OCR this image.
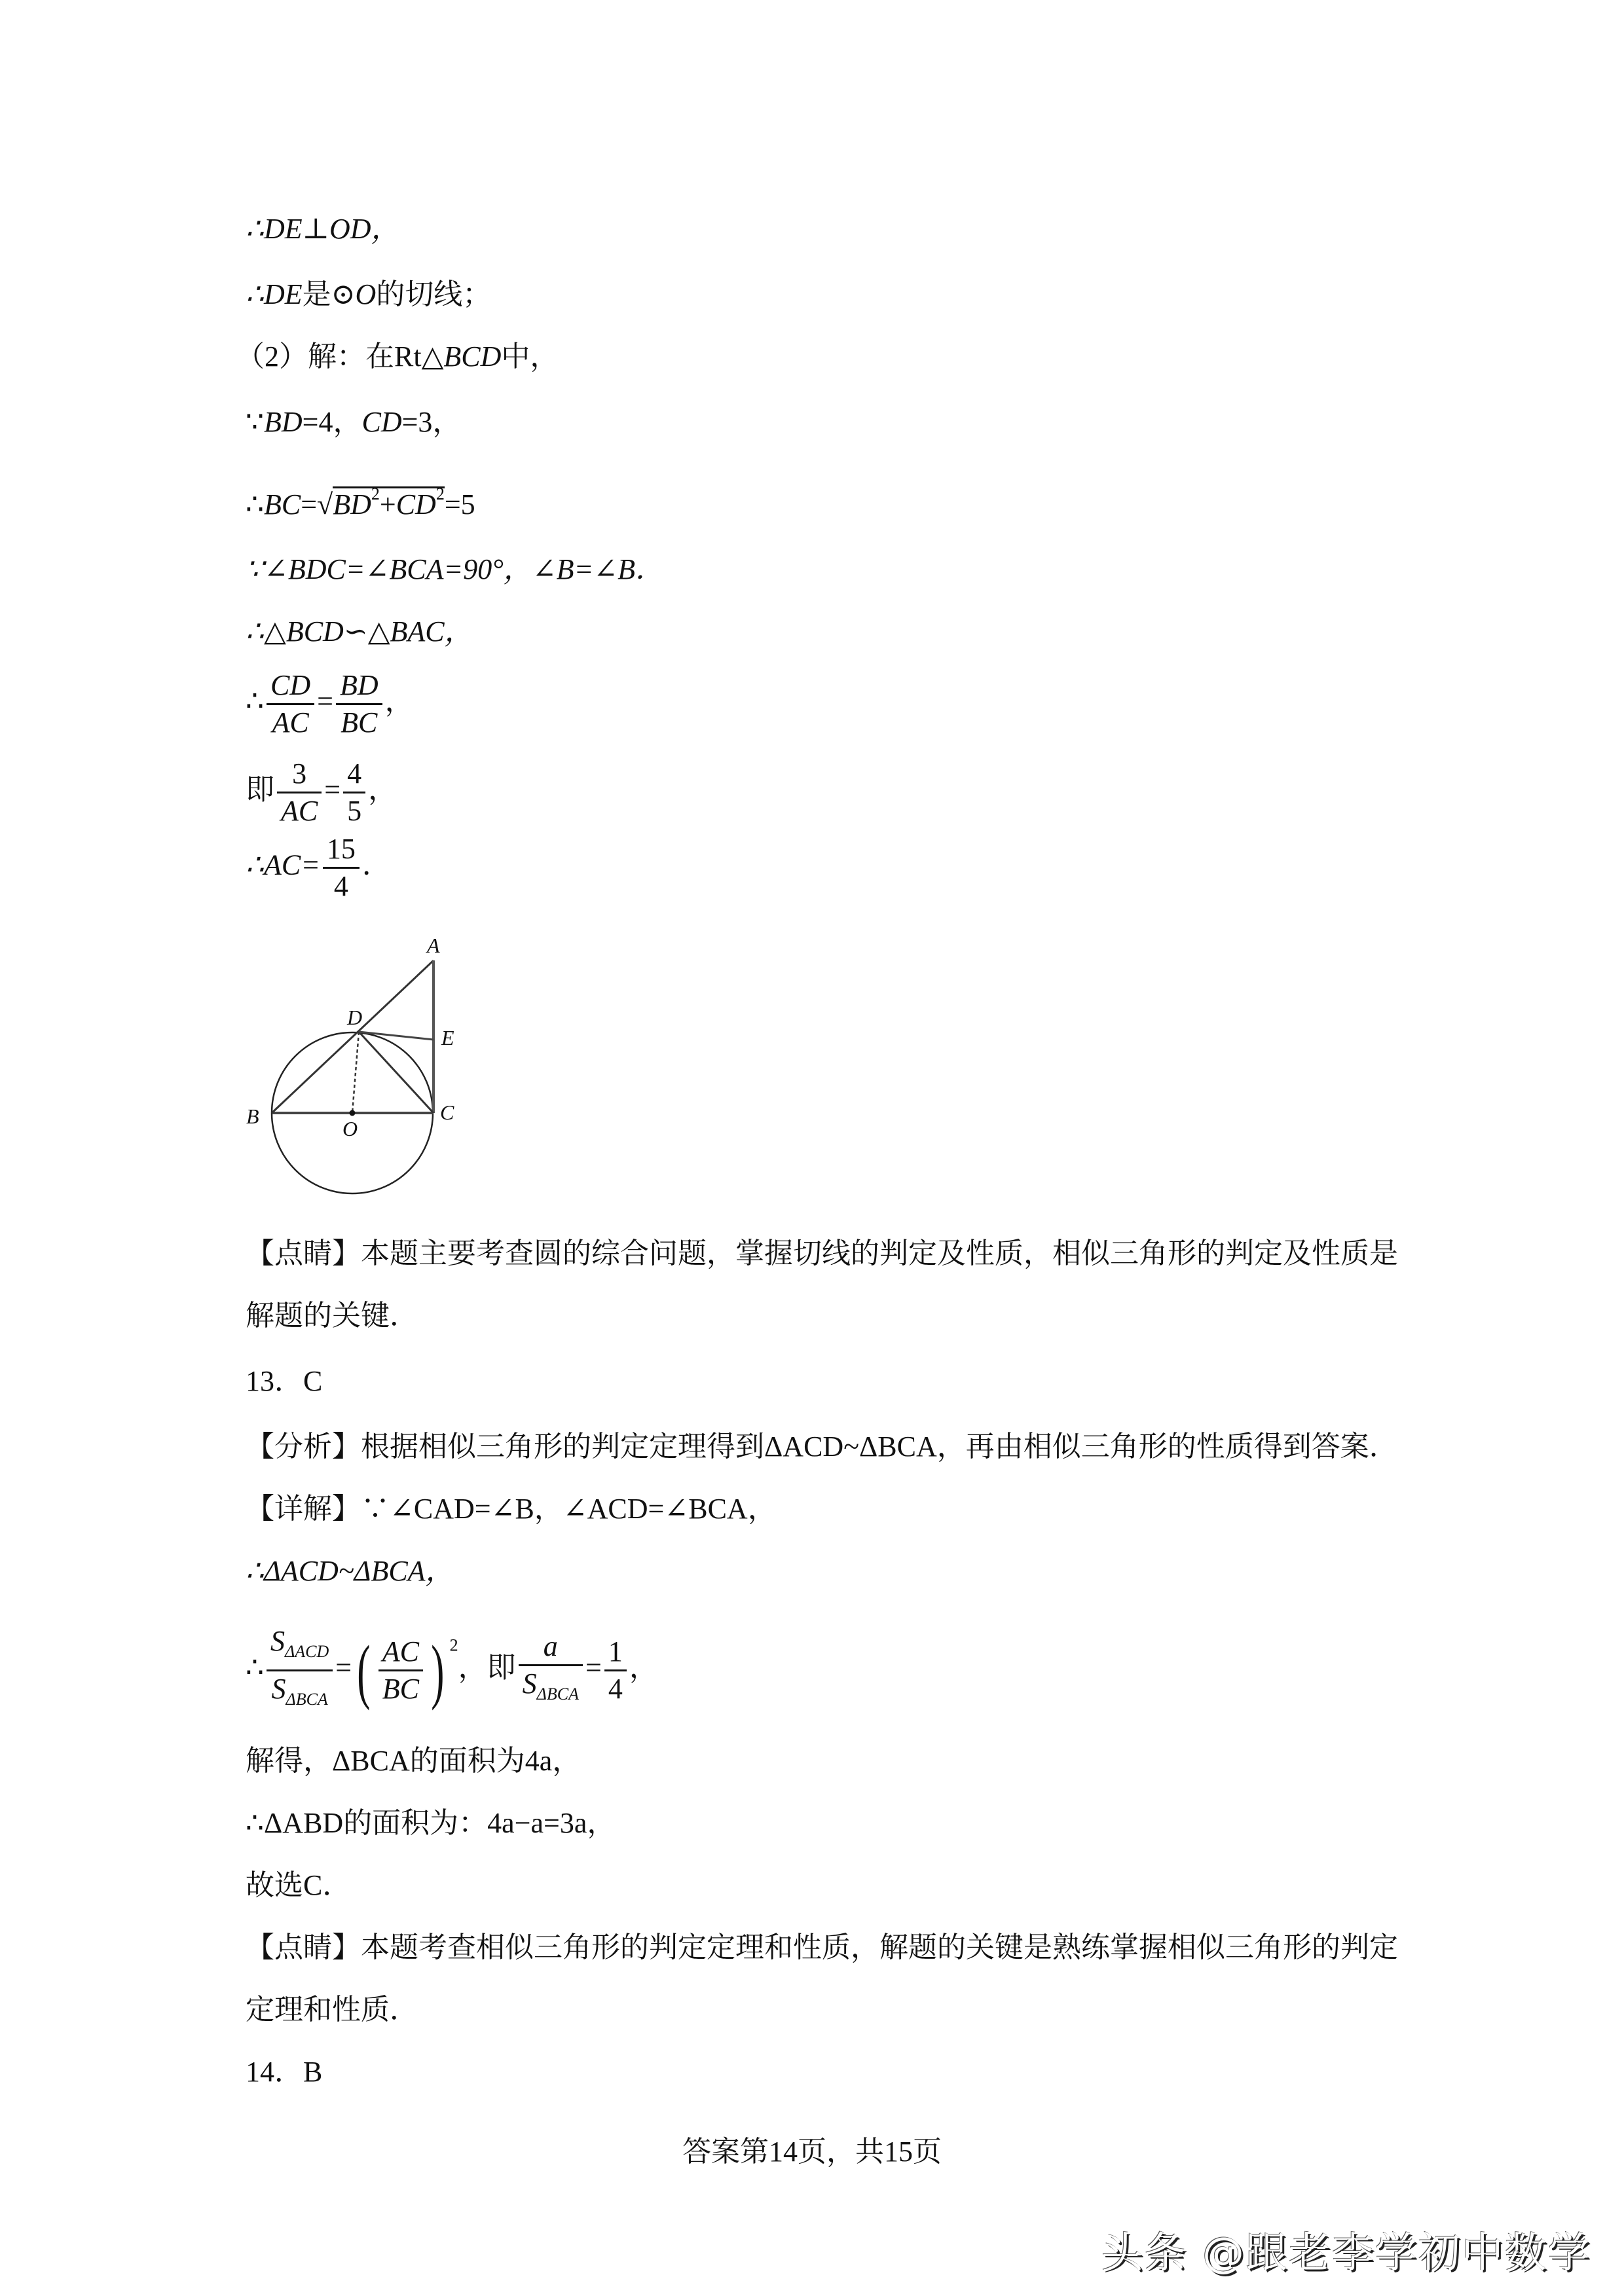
∴DE⊥OD，
∴DE是⊙O的切线；
（2）解：在Rt△BCD中，
∵BD=4，CD=3，
$\therefore BC=√BD^2+CD^2=5$
∵∠BDC=∠BCA=90°，∠B=∠B．
∴△BCD∽△BAC，
∴ $\frac{CD}{AC} = \frac{BD}{BC}$ ，
即 $\frac{3}{AC} = \frac{4}{5}$ ，
∴AC= $\frac{15}{4}$ ．
A
D
E
B
O
C
【点睛】本题主要考查圆的综合问题，掌握切线的判定及性质，相似三角形的判定及性质是
解题的关键．
13．C
【分析】根据相似三角形的判定定理得到ΔACD~ΔBCA，再由相似三角形的性质得到答案．
【详解】∵∠CAD=∠B，∠ACD=∠BCA，
∴ΔACD~ΔBCA，
∴ $\frac{S_{\Delta ACD}}{S_{\Delta BCA}}$ =( $\frac{AC}{BC}$ ) $^2$，即 $\frac{a}{S_{\Delta BCA}} = \frac{1}{4}$ ，
解得，ΔBCA的面积为4a，
∴ΔABD的面积为：4a−a=3a，
故选C．
【点睛】本题考查相似三角形的判定定理和性质，解题的关键是熟练掌握相似三角形的判定
定理和性质．
14．B
答案第14页，共15页
头条 @跟老李学初中数学
